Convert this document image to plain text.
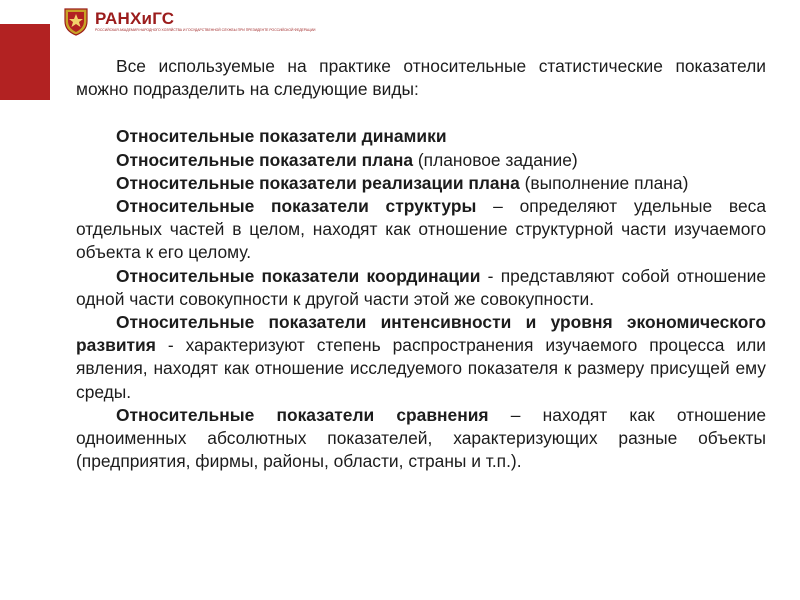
РАНХиГС
РОССИЙСКАЯ АКАДЕМИЯ НАРОДНОГО ХОЗЯЙСТВА И ГОСУДАРСТВЕННОЙ СЛУЖБЫ ПРИ ПРЕЗИДЕНТЕ РОССИЙСКОЙ ФЕДЕРАЦИИ

Все используемые на практике относительные статистические показатели можно подразделить на следующие виды:

Относительные показатели динамики

Относительные показатели плана (плановое задание)

Относительные показатели реализации плана (выполнение плана)

Относительные показатели структуры – определяют удельные веса отдельных частей в целом, находят как отношение структурной части изучаемого объекта к его целому.

Относительные показатели координации - представляют собой отношение одной части совокупности к другой части этой же совокупности.

Относительные показатели интенсивности и уровня экономического развития - характеризуют степень распространения изучаемого процесса или явления, находят как отношение исследуемого показателя к размеру присущей ему среды.

Относительные показатели сравнения – находят как отношение одноименных абсолютных показателей, характеризующих разные объекты (предприятия, фирмы, районы, области, страны и т.п.).
